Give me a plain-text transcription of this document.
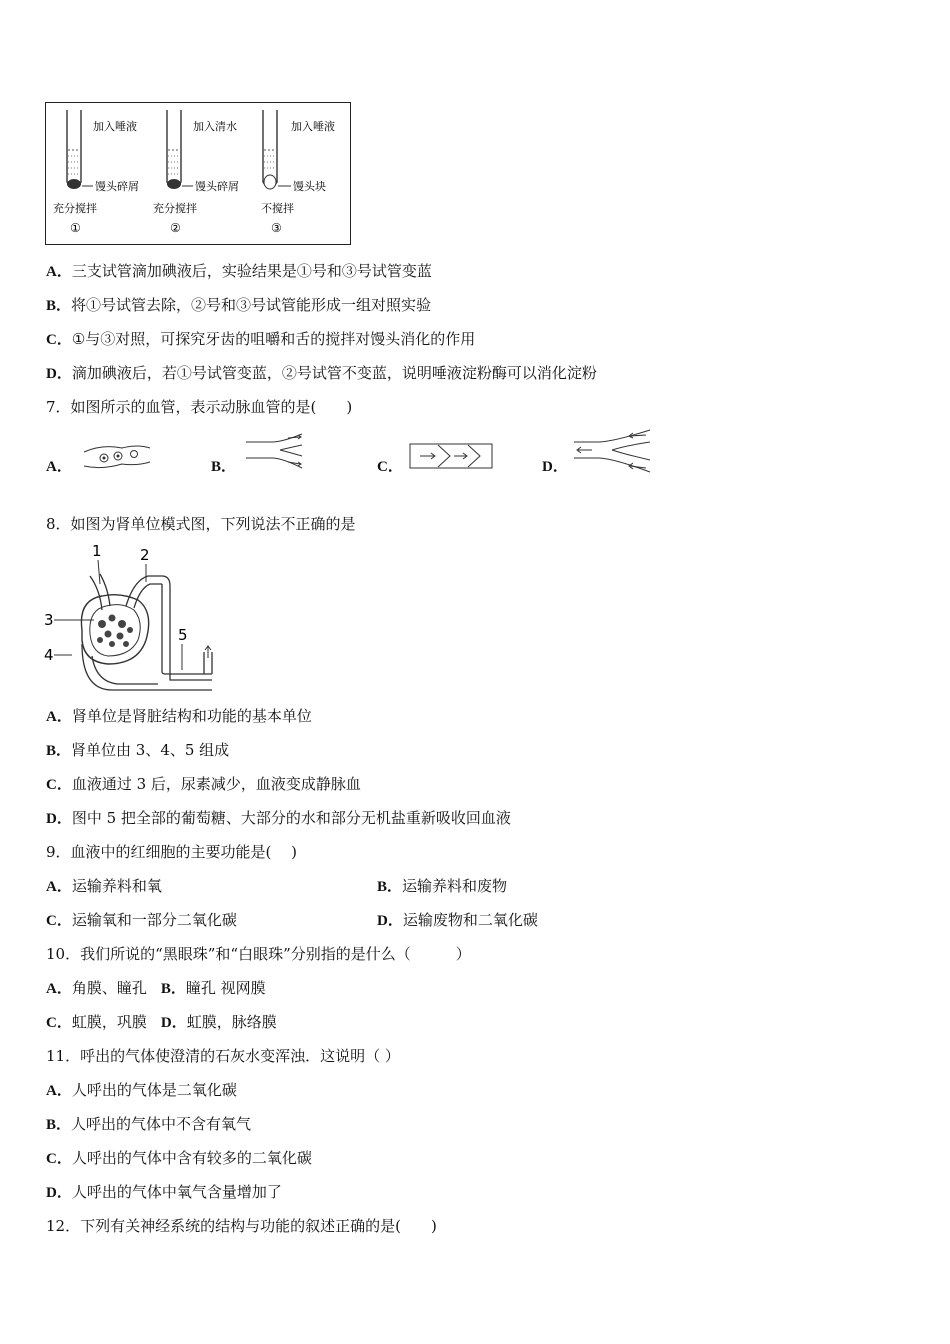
加入唾液
馒头碎屑
充分搅拌
①
加入清水
馒头碎屑
充分搅拌
②
加入唾液
馒头块
不搅拌
③
A．三支试管滴加碘液后，实验结果是①号和③号试管变蓝
B．将①号试管去除，②号和③号试管能形成一组对照实验
C．①与③对照，可探究牙齿的咀嚼和舌的搅拌对馒头消化的作用
D．滴加碘液后，若①号试管变蓝，②号试管不变蓝，说明唾液淀粉酶可以消化淀粉
7．如图所示的血管，表示动脉血管的是(　　)
A．	B．	C．	D．
8．如图为肾单位模式图，下列说法不正确的是
1	2
3
4
5
A．肾单位是肾脏结构和功能的基本单位
B．肾单位由 3、4、5 组成
C．血液通过 3 后，尿素减少，血液变成静脉血
D．图中 5 把全部的葡萄糖、大部分的水和部分无机盐重新吸收回血液
9．血液中的红细胞的主要功能是(　 )
A．运输养料和氧	B．运输养料和废物
C．运输氧和一部分二氧化碳	D．运输废物和二氧化碳
10．我们所说的“黑眼珠”和“白眼珠”分别指的是什么（　　　）
A．角膜、瞳孔 B．瞳孔 视网膜
C．虹膜，巩膜 D．虹膜，脉络膜
11．呼出的气体使澄清的石灰水变浑浊．这说明（ ）
A．人呼出的气体是二氧化碳
B．人呼出的气体中不含有氧气
C．人呼出的气体中含有较多的二氧化碳
D．人呼出的气体中氧气含量增加了
12．下列有关神经系统的结构与功能的叙述正确的是(　　)
